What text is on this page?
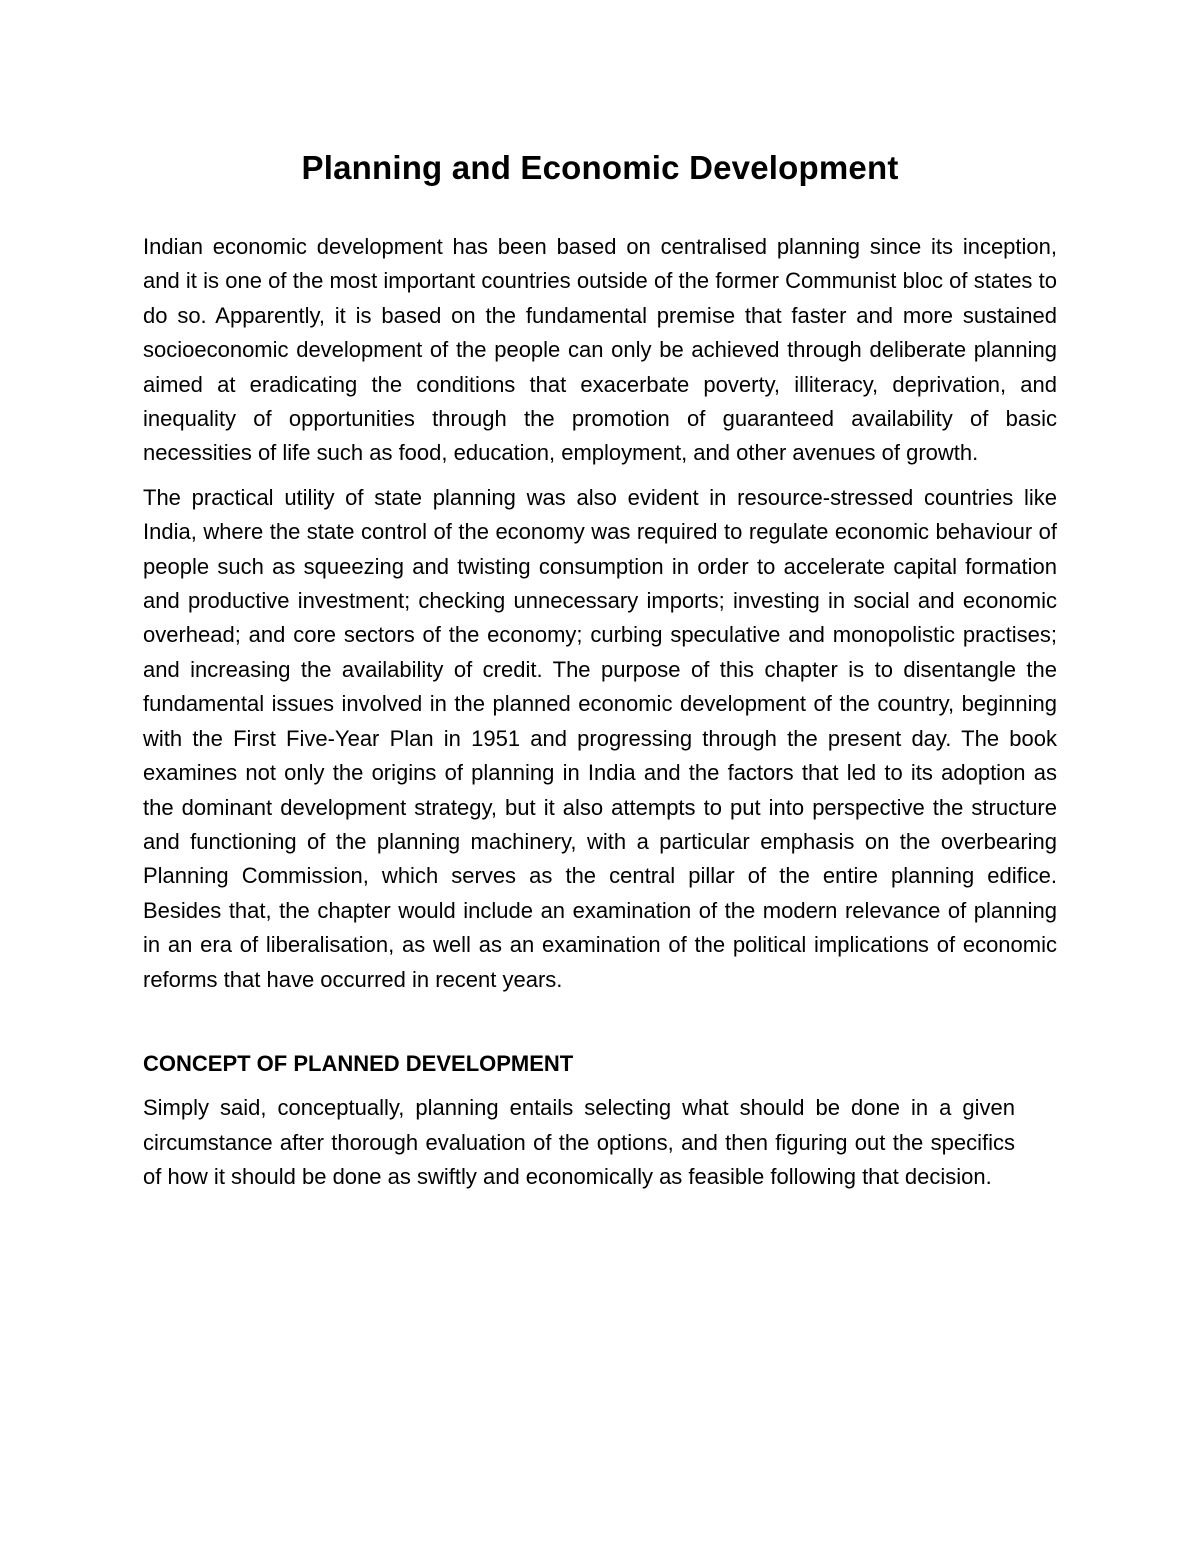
Planning and Economic Development

Indian economic development has been based on centralised planning since its inception, and it is one of the most important countries outside of the former Communist bloc of states to do so. Apparently, it is based on the fundamental premise that faster and more sustained socioeconomic development of the people can only be achieved through deliberate planning aimed at eradicating the conditions that exacerbate poverty, illiteracy, deprivation, and inequality of opportunities through the promotion of guaranteed availability of basic necessities of life such as food, education, employment, and other avenues of growth.

The practical utility of state planning was also evident in resource-stressed countries like India, where the state control of the economy was required to regulate economic behaviour of people such as squeezing and twisting consumption in order to accelerate capital formation and productive investment; checking unnecessary imports; investing in social and economic overhead; and core sectors of the economy; curbing speculative and monopolistic practises; and increasing the availability of credit. The purpose of this chapter is to disentangle the fundamental issues involved in the planned economic development of the country, beginning with the First Five-Year Plan in 1951 and progressing through the present day. The book examines not only the origins of planning in India and the factors that led to its adoption as the dominant development strategy, but it also attempts to put into perspective the structure and functioning of the planning machinery, with a particular emphasis on the overbearing Planning Commission, which serves as the central pillar of the entire planning edifice. Besides that, the chapter would include an examination of the modern relevance of planning in an era of liberalisation, as well as an examination of the political implications of economic reforms that have occurred in recent years.

CONCEPT OF PLANNED DEVELOPMENT

Simply said, conceptually, planning entails selecting what should be done in a given circumstance after thorough evaluation of the options, and then figuring out the specifics of how it should be done as swiftly and economically as feasible following that decision.
